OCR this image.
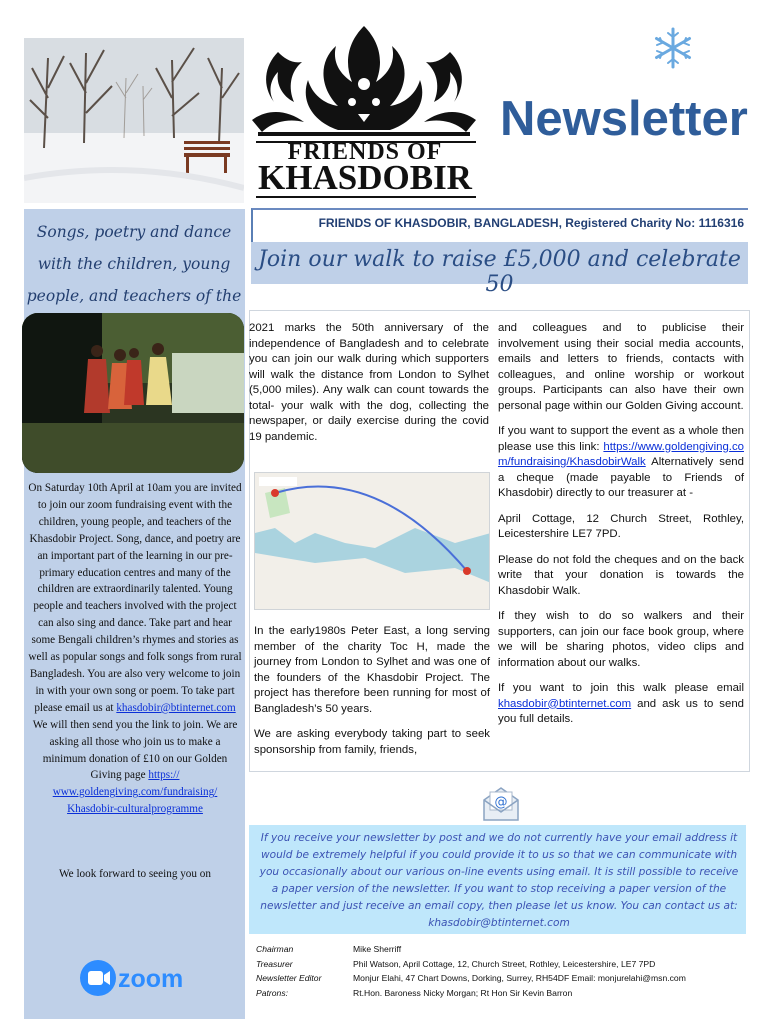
FRIENDS OF
KHASDOBIR
Newsletter
Songs, poetry and dance with the children, young people, and teachers of the
On Saturday 10th April at 10am you are invited to join our zoom fundraising event with the children, young people, and teachers of the Khasdobir Project. Song, dance, and poetry are an important part of the learning in our pre-primary education centres and many of the children are extraordinarily talented. Young people and teachers involved with the project can also sing and dance. Take part and hear some Bengali children’s rhymes and stories as well as popular songs and folk songs from rural Bangladesh. You are also very welcome to join in with your own song or poem. To take part please email us at khasdobir@btinternet.com
We will then send you the link to join. We are asking all those who join us to make a minimum donation of £10 on our Golden Giving page https://
www.goldengiving.com/fundraising/
Khasdobir-culturalprogramme
We look forward to seeing you on
zoom
FRIENDS OF KHASDOBIR, BANGLADESH, Registered Charity No: 1116316
Join our walk to raise £5,000 and celebrate 50

2021 marks the 50th anniversary of the independence of Bangladesh and to celebrate you can join our walk during which supporters will walk the distance from London to Sylhet (5,000 miles). Any walk can count towards the total- your walk with the dog, collecting the newspaper, or daily exercise during the covid 19 pandemic.

In the early1980s Peter East, a long serving member of the charity Toc H, made the journey from London to Sylhet and was one of the founders of the Khasdobir Project. The project has therefore been running for most of Bangladesh’s 50 years.

We are asking everybody taking part to seek sponsorship from family, friends,

and colleagues and to publicise their involvement using their social media accounts, emails and letters to friends, contacts with colleagues, and online worship or workout groups. Participants can also have their own personal page within our Golden Giving account.

If you want to support the event as a whole then please use this link: https://www.goldengiving.com/fundraising/KhasdobirWalk Alternatively send a cheque (made payable to Friends of Khasdobir) directly to our treasurer at -

April Cottage, 12 Church Street, Rothley, Leicestershire LE7 7PD.

Please do not fold the cheques and on the back write that your donation is towards the Khasdobir Walk.

If they wish to do so walkers and their supporters, can join our face book group, where we will be sharing photos, video clips and information about our walks.

If you want to join this walk please email khasdobir@btinternet.com and ask us to send you full details.

@
If you receive your newsletter by post and we do not currently have your email address it would be extremely helpful if you could provide it to us so that we can communicate with you occasionally about our various on-line events using email. It is still possible to receive a paper version of the newsletter. If you want to stop receiving a paper version of the newsletter and just receive an email copy, then please let us know. You can contact us at: khasdobir@btinternet.com
Chairman	Mike Sherriff
Treasurer	Phil Watson, April Cottage, 12, Church Street, Rothley, Leicestershire, LE7 7PD
Newsletter Editor	Monjur Elahi, 47 Chart Downs, Dorking, Surrey, RH54DF Email: monjurelahi@msn.com
Patrons:	Rt.Hon. Baroness Nicky Morgan; Rt Hon Sir Kevin Barron
